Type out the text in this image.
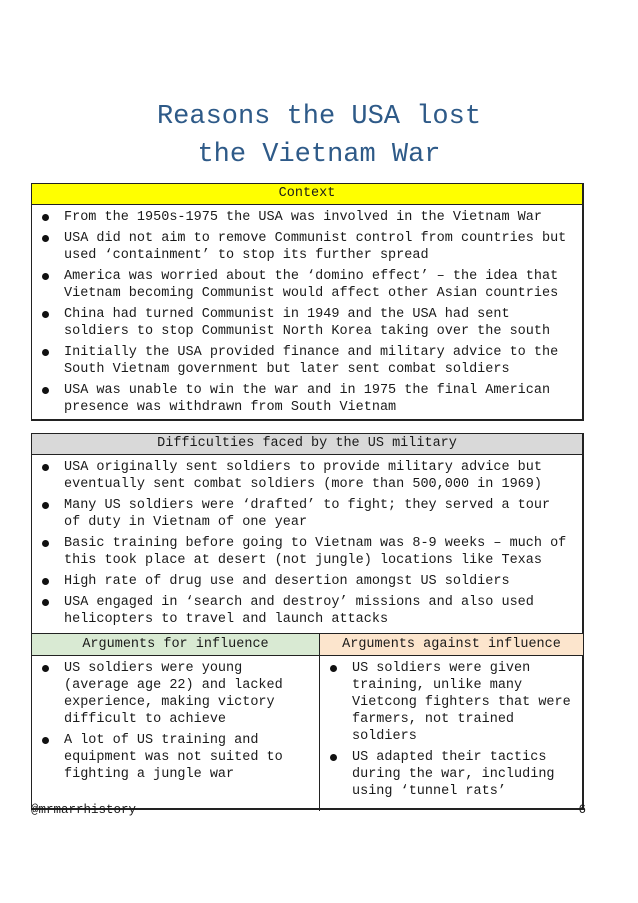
Reasons the USA lost
the Vietnam War
Context
From the 1950s-1975 the USA was involved in the Vietnam War
USA did not aim to remove Communist control from countries but
used ‘containment’ to stop its further spread
America was worried about the ‘domino effect’ – the idea that
Vietnam becoming Communist would affect other Asian countries
China had turned Communist in 1949 and the USA had sent
soldiers to stop Communist North Korea taking over the south
Initially the USA provided finance and military advice to the
South Vietnam government but later sent combat soldiers
USA was unable to win the war and in 1975 the final American
presence was withdrawn from South Vietnam
Difficulties faced by the US military
USA originally sent soldiers to provide military advice but
eventually sent combat soldiers (more than 500,000 in 1969)
Many US soldiers were ‘drafted’ to fight; they served a tour
of duty in Vietnam of one year
Basic training before going to Vietnam was 8-9 weeks – much of
this took place at desert (not jungle) locations like Texas
High rate of drug use and desertion amongst US soldiers
USA engaged in ‘search and destroy’ missions and also used
helicopters to travel and launch attacks
Arguments for influence
US soldiers were young
(average age 22) and lacked
experience, making victory
difficult to achieve
A lot of US training and
equipment was not suited to
fighting a jungle war
Arguments against influence
US soldiers were given
training, unlike many
Vietcong fighters that were
farmers, not trained soldiers
US adapted their tactics
during the war, including
using ‘tunnel rats’
@mrmarrhistory	6
